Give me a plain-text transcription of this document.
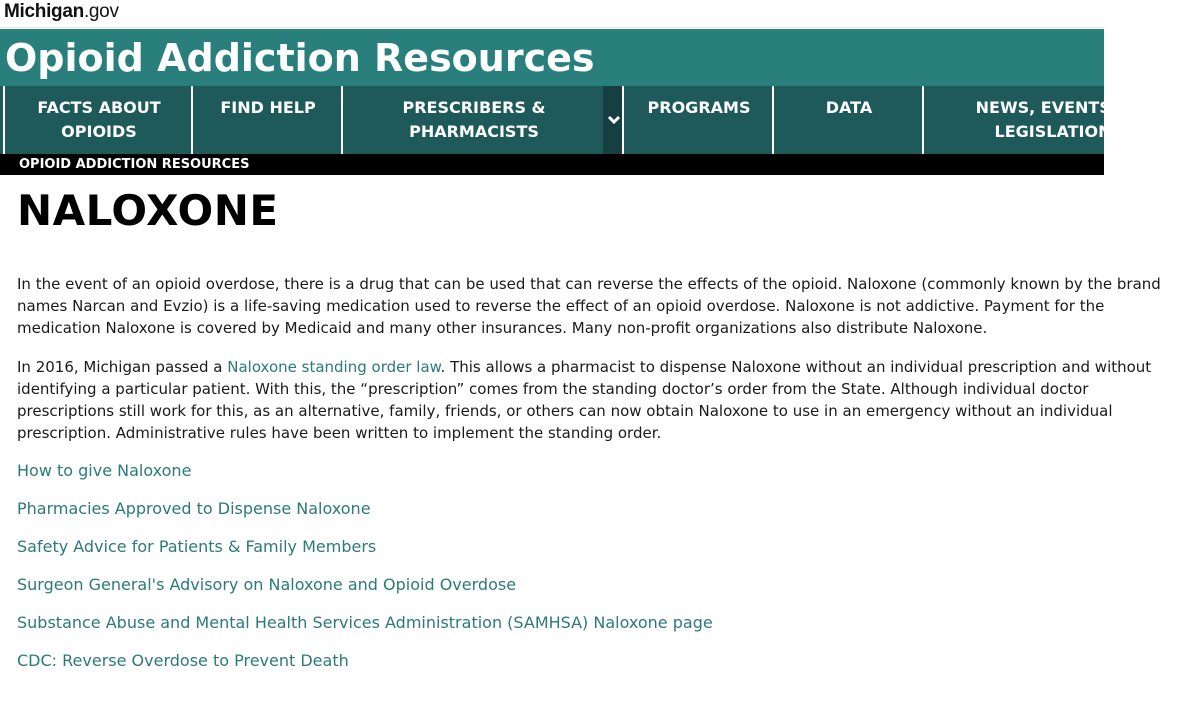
Michigan.gov
Opioid Addiction Resources
FACTS ABOUT
OPIOIDS
FIND HELP	PRESCRIBERS &
PHARMACISTS
PROGRAMS	DATA	NEWS, EVENTS &
LEGISLATION
OPIOID ADDICTION RESOURCES
NALOXONE

In the event of an opioid overdose, there is a drug that can be used that can reverse the effects of the opioid. Naloxone (commonly known by the brand names Narcan and Evzio) is a life-saving medication used to reverse the effect of an opioid overdose. Naloxone is not addictive. Payment for the medication Naloxone is covered by Medicaid and many other insurances. Many non-profit organizations also distribute Naloxone.

In 2016, Michigan passed a Naloxone standing order law. This allows a pharmacist to dispense Naloxone without an individual prescription and without identifying a particular patient. With this, the “prescription” comes from the standing doctor’s order from the State. Although individual doctor prescriptions still work for this, as an alternative, family, friends, or others can now obtain Naloxone to use in an emergency without an individual prescription. Administrative rules have been written to implement the standing order.

How to give Naloxone
Pharmacies Approved to Dispense Naloxone
Safety Advice for Patients & Family Members
Surgeon General's Advisory on Naloxone and Opioid Overdose
Substance Abuse and Mental Health Services Administration (SAMHSA) Naloxone page
CDC: Reverse Overdose to Prevent Death
